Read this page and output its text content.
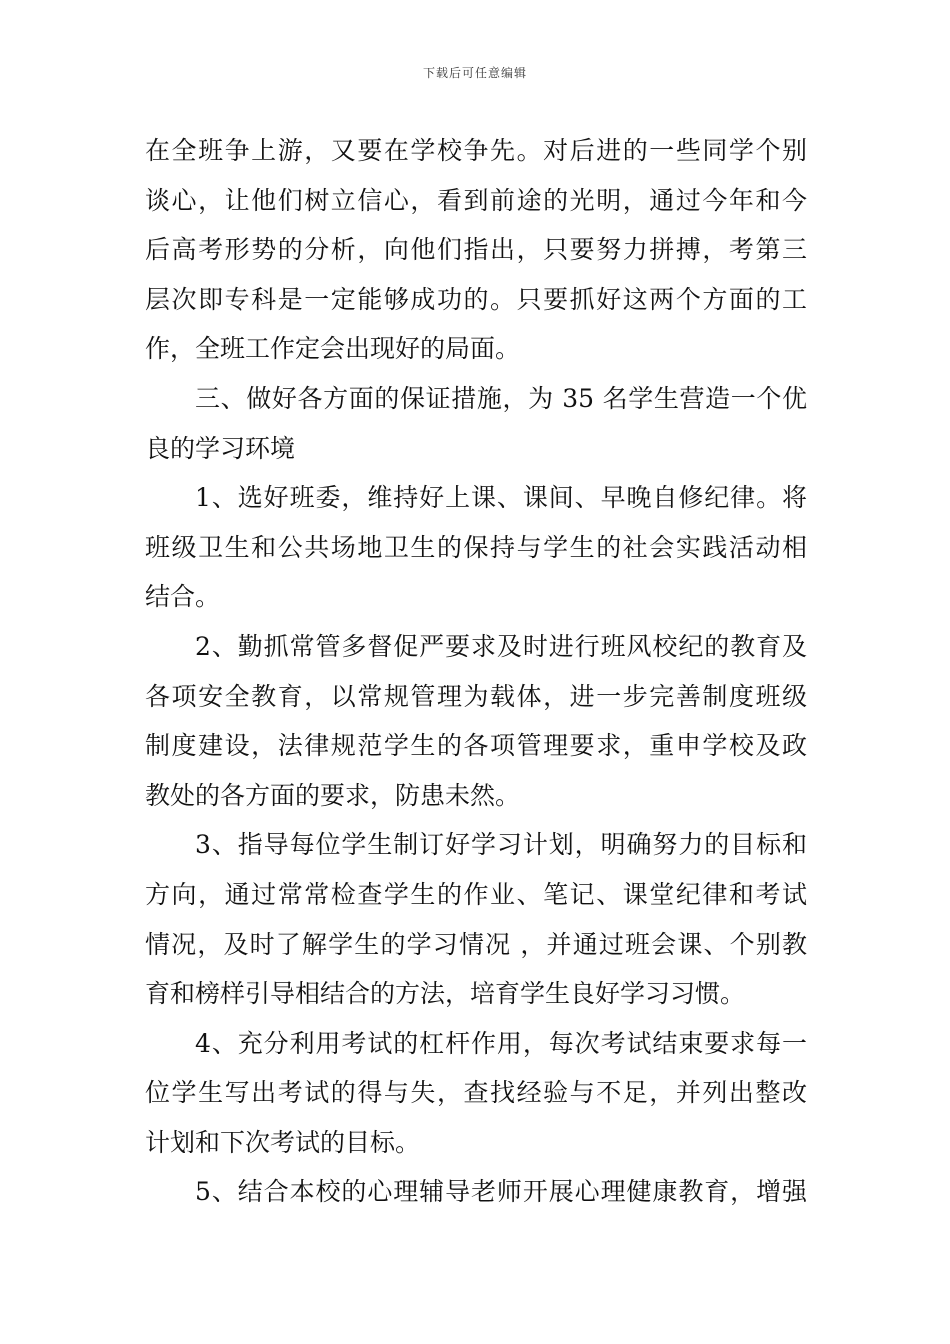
下载后可任意编辑
在全班争上游，又要在学校争先。对后进的一些同学个别
谈心，让他们树立信心，看到前途的光明，通过今年和今
后高考形势的分析，向他们指出，只要努力拼搏，考第三
层次即专科是一定能够成功的。只要抓好这两个方面的工
作，全班工作定会出现好的局面。
三、做好各方面的保证措施，为 35 名学生营造一个优
良的学习环境
1、选好班委，维持好上课、课间、早晚自修纪律。将
班级卫生和公共场地卫生的保持与学生的社会实践活动相
结合。
2、勤抓常管多督促严要求及时进行班风校纪的教育及
各项安全教育，以常规管理为载体，进一步完善制度班级
制度建设，法律规范学生的各项管理要求，重申学校及政
教处的各方面的要求，防患未然。
3、指导每位学生制订好学习计划，明确努力的目标和
方向，通过常常检查学生的作业、笔记、课堂纪律和考试
情况，及时了解学生的学习情况 ，并通过班会课、个别教
育和榜样引导相结合的方法，培育学生良好学习习惯。
4、充分利用考试的杠杆作用，每次考试结束要求每一
位学生写出考试的得与失，查找经验与不足，并列出整改
计划和下次考试的目标。
5、结合本校的心理辅导老师开展心理健康教育，增强
